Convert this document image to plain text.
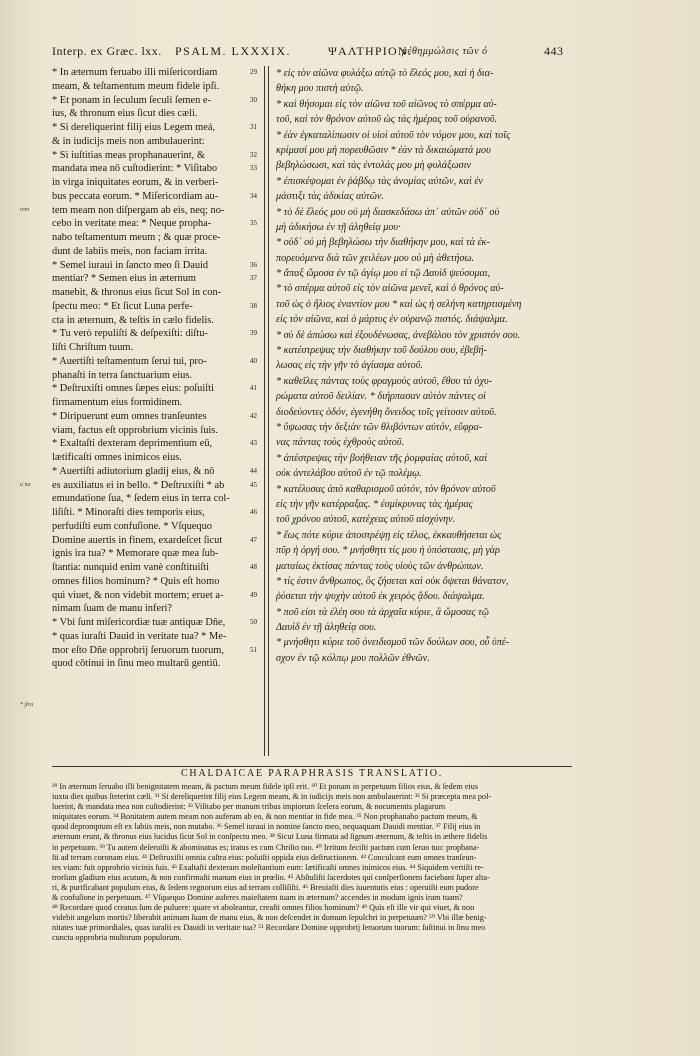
Interp. ex Græc. lxx. PSALM. LXXXIX.	ΨΑΛΤΗΡΙΟΝ.
μέθημμώλσις τῶν ό	443
* In æternum feruabo illi miſericordiam
meam, & teſtamentum meum fidele ipſi.
* Et ponam in ſeculum ſeculi ſemen e-
ius, & thronum eius ſicut dies cæli.
* Si dereliquerint filij eius Legem meá,
& in iudicijs meis non ambulauerint:
* Si iuſtitias meas prophanauerint, &
mandata mea nō cuſtodierint: * Viſitabo
in virga iniquitates eorum, & in verberi-
bus peccata eorum. * Miſericordiam au-
tem meam non diſpergam ab eis, neq; no-
cebo in veritate mea: * Neque propha-
nabo teſtamentum meum ; & quæ proce-
dunt de labiis meis, non faciam irrita.
* Semel iuraui in ſancto meo ſi Dauid
mentiar? * Semen eius in æternum
manebit, & thronus eius ſicut Sol in con-
ſpectu meo: * Et ſicut Luna perfe-
cta in æternum, & teſtis in cælo fidelis.
* Tu verò repuliſti & deſpexiſti: diſtu-
liſti Chriſtum tuum.
* Auertiſti teſtamentum ſerui tui, pro-
phanaſti in terra ſanctuarium eius.
* Deſtruxiſti omnes ſæpes eius: poſuiſti
firmamentum eius formidinem.
* Diripuerunt eum omnes tranſeuntes
viam, factus eſt opprobrium vicinis ſuis.
* Exaltaſti dexteram deprimentium eū,
lætificaſti omnes inimicos eius.
* Auertiſti adiutorium gladij eius, & nō
es auxiliatus ei in bello. * Deſtruxiſti * ab
emundatione ſua, * ſedem eius in terra col-
liſiſti. * Minoraſti dies temporis eius,
perfudiſti eum confuſione. * Vſquequo
Domine auertis in finem, exardeſcet ſicut
ignis ira tua? * Memorare quæ mea ſub-
ſtantia: nunquid enim vanè conſtituiſti
omnes filios hominum? * Quis eſt homo
qui viuet, & non videbit mortem; eruet a-
nimam ſuam de manu inferi?
* Vbi ſunt miſericordiæ tuæ antiquæ Dñe,
* quas iuraſti Dauid in veritate tua? * Me-
mor eſto Dñe opprobrij ſeruorum tuorum,
quod cōtinui in ſinu meo multarū gentiū.
29
30
31
32
33
34
35
36
37
38
39
40
41
42
43
44
45
46
47
48
49
50
51
* εἰς τὸν αἰῶνα φυλάξω αὐτῷ τὸ ἔλεός μου, καὶ ἡ δια-
θήκη μου πιστὴ αὐτῷ.
* καὶ θήσομαι εἰς τὸν αἰῶνα τοῦ αἰῶνος τὸ σπέρμα αὐ-
τοῦ, καὶ τὸν θρόνον αὐτοῦ ὡς τὰς ἡμέρας τοῦ οὐρανοῦ.
* ἐὰν ἐγκαταλίπωσιν οἱ υἱοὶ αὐτοῦ τὸν νόμον μου, καὶ τοῖς
κρίμασί μου μὴ πορευθῶσιν * ἐὰν τὰ δικαιώματά μου
βεβηλώσωσι, καὶ τὰς ἐντολάς μου μὴ φυλάξωσιν
* ἐπισκέψομαι ἐν ῥάβδῳ τὰς ἀνομίας αὐτῶν, καὶ ἐν
μάστιξι τὰς ἀδικίας αὐτῶν.
* τὸ δὲ ἔλεός μου οὐ μὴ διασκεδάσω ἀπ᾽ αὐτῶν οὐδ᾽ οὐ
μὴ ἀδικήσω ἐν τῇ ἀληθείᾳ μου·
* οὐδ᾽ οὐ μὴ βεβηλώσω τὴν διαθήκην μου, καὶ τὰ ἐκ-
πορευόμενα διὰ τῶν χειλέων μου οὐ μὴ ἀθετήσω.
* ἅπαξ ὤμοσα ἐν τῷ ἁγίῳ μου εἰ τῷ Δαυὶδ ψεύσομαι,
* τὸ σπέρμα αὐτοῦ εἰς τὸν αἰῶνα μενεῖ, καὶ ὁ θρόνος αὐ-
τοῦ ὡς ὁ ἥλιος ἐναντίον μου * καὶ ὡς ἡ σελήνη κατηρτισμένη
εἰς τὸν αἰῶνα, καὶ ὁ μάρτυς ἐν οὐρανῷ πιστός. διάψαλμα.
* σὺ δὲ ἀπώσω καὶ ἐξουδένωσας, ἀνεβάλου τὸν χριστόν σου.
* κατέστρεψας τὴν διαθήκην τοῦ δούλου σου, ἐβεβή-
λωσας εἰς τὴν γῆν τὸ ἁγίασμα αὐτοῦ.
* καθεῖλες πάντας τοὺς φραγμοὺς αὐτοῦ, ἔθου τὰ ὀχυ-
ρώματα αὐτοῦ δειλίαν. * διήρπασαν αὐτὸν πάντες οἱ
διοδεύοντες ὁδόν, ἐγενήθη ὄνειδος τοῖς γείτοσιν αὐτοῦ.
* ὕψωσας τὴν δεξιὰν τῶν θλιβόντων αὐτόν, εὔφρα-
νας πάντας τοὺς ἐχθροὺς αὐτοῦ.
* ἀπέστρεψας τὴν βοήθειαν τῆς ῥομφαίας αὐτοῦ, καὶ
οὐκ ἀντελάβου αὐτοῦ ἐν τῷ πολέμῳ.
* κατέλυσας ἀπὸ καθαρισμοῦ αὐτόν, τὸν θρόνον αὐτοῦ
εἰς τὴν γῆν κατέρραξας. * ἐσμίκρυνας τὰς ἡμέρας
τοῦ χρόνου αὐτοῦ, κατέχεας αὐτοῦ αἰσχύνην.
* ἕως πότε κύριε ἀποστρέψῃ εἰς τέλος, ἐκκαυθήσεται ὡς
πῦρ ἡ ὀργή σου. * μνήσθητι τίς μου ἡ ὑπόστασις, μὴ γὰρ
ματαίως ἐκτίσας πάντας τοὺς υἱοὺς τῶν ἀνθρώπων.
* τίς ἐστιν ἄνθρωπος, ὃς ζήσεται καὶ οὐκ ὄψεται θάνατον,
ῥύσεται τὴν ψυχὴν αὐτοῦ ἐκ χειρὸς ᾅδου. διάψαλμα.
* ποῦ εἰσι τὰ ἐλέη σου τὰ ἀρχαῖα κύριε, ἃ ὤμοσας τῷ
Δαυὶδ ἐν τῇ ἀληθείᾳ σου.
* μνήσθητι κύριε τοῦ ὀνειδισμοῦ τῶν δούλων σου, οὗ ὑπέ-
σχον ἐν τῷ κόλπῳ μου πολλῶν ἐθνῶν.
rem
a na
* ſtra
CHALDAICAE PARAPHRASIS TRANSLATIO.
²⁹ In æternum ſeruabo illi benignitatem meam, & pactum meum fidele ipſi erit. ³⁰ Et ponam in perpetuum filios eius, & ſedem eius
iuxta dies quibus ſteterint cæli. ³¹ Si dereliquerint filij eius Legem meam, & in iudicijs meis non ambulauerint: ³² Si præcepta mea pol-
luerint, & mandata mea non cuſtodierint: ³³ Viſitabo per manum tribus impiorum ſcelera eorum, & nocumentis plagarum
iniquitates eorum. ³⁴ Bonitatem autem meam non auferam ab eo, & non mentiar in fide mea. ³⁵ Non prophanabo pactum meum, &
quod depromptum eſt ex labiis meis, non mutabo. ³⁶ Semel iuraui in nomine ſancto meo, nequaquam Dauidi mentiar. ³⁷ Filij eius in
æternum erunt, & thronus eius lucidus ſicut Sol in conſpectu meo. ³⁸ Sicut Luna firmata ad ſignum æternum, & teſtis in æthere fidelis
in perpetuum. ³⁹ Tu autem deſeruiſti & abominatus es; iratus es cum Chriſto tuo. ⁴⁰ Irritum feciſti pactum cum ſeruo tuo: propbana-
ſti ad terram coronam eius. ⁴¹ Deſtruxiſti omnia caſtra eius: poſuiſti oppida eius deſtructionem. ⁴² Conculcant eum omnes tranſeun-
tes viam: fuit opprobrio vicinis ſuis. ⁴³ Exaltaſti dexteram moleſtantium eum: lætificaſti omnes inimicos eius. ⁴⁴ Siquidem vertiſti re-
trorſum gladium eius acutum, & non confirmaſti manum eius in prœlio. ⁴⁵ Abſtuliſti ſacerdotes qui conſperſionem faciebant ſuper alta-
ri, & purificabant populum eius, & ſedem regnorum eius ad terram colliſiſti. ⁴⁶ Breuiaſti dies iuuentutis eius : operuiſti eum pudore
& confuſione in perpetuum. ⁴⁷ Vſquequo Domine auferes maieſtatem tuam in æternum? accendes in modum ignis iram tuam?
⁴⁸ Recordare quod creatus ſum de puluere: quare vt aboleantur, creaſti omnes filios hominum? ⁴⁹ Quis eſt ille vir qui viuet, & non
videbit angelum mortis? liberabit animam ſuam de manu eius, & non deſcendet in domum ſepulchri in perpetuum? ⁵⁰ Vbi illæ benig-
nitates tuæ primordiales, quas iuraſti ex Dauidi in veritate tua? ⁵¹ Recordare Domine opprobrij ſeruorum tuorum: ſuſtinui in ſinu meo
cuncta opprobria multorum populorum.
